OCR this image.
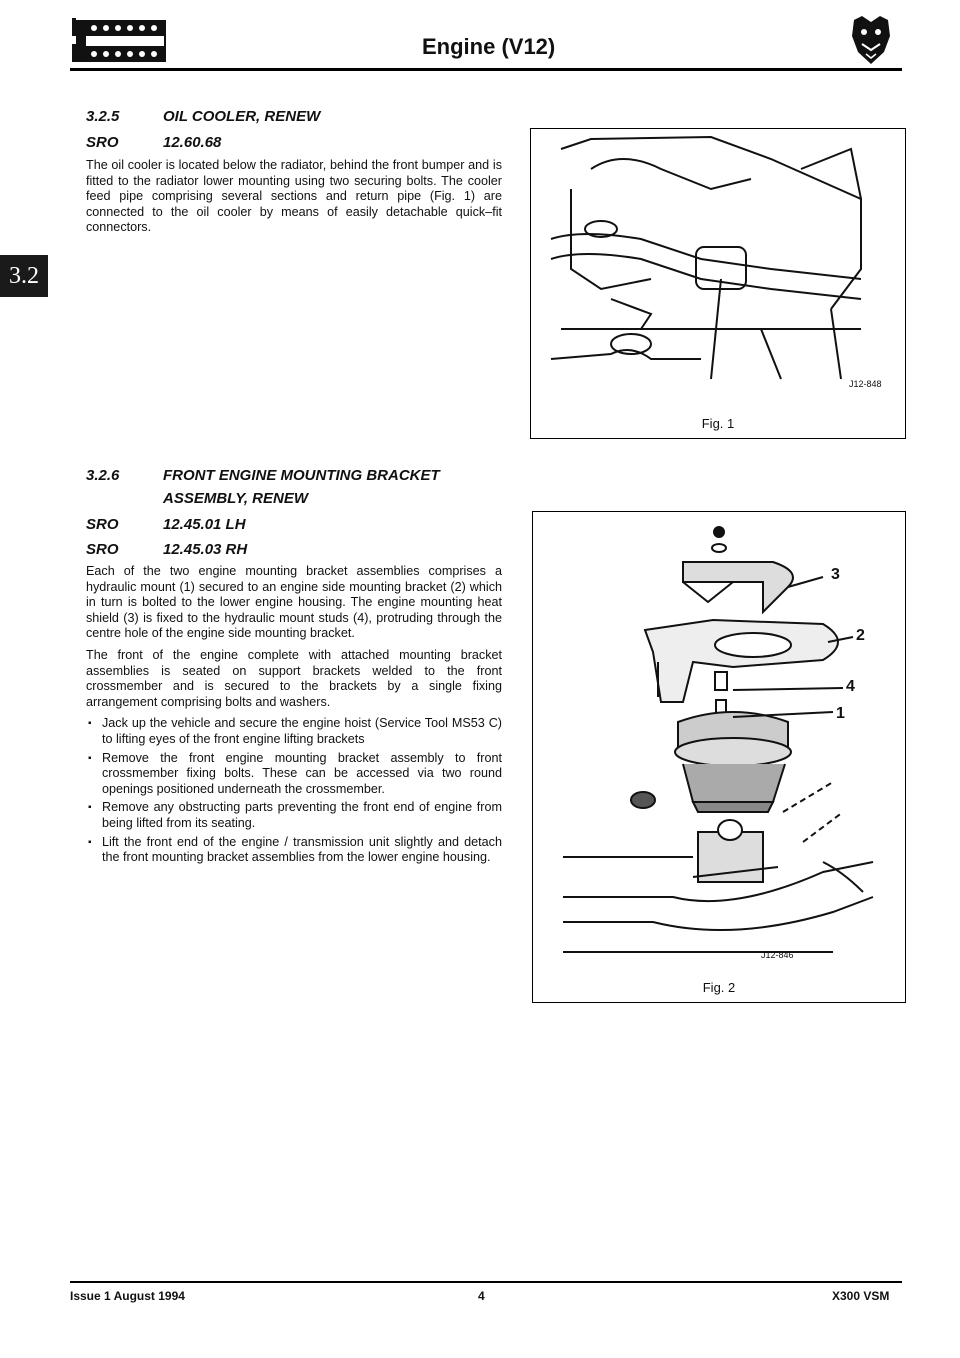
Engine (V12)
3.2
3.2.5	OIL COOLER, RENEW
SRO	12.60.68
The oil cooler is located below the radiator, behind the front bumper and is fitted to the radiator lower mounting using two securing bolts. The cooler feed pipe comprising several sections and return pipe (Fig. 1) are connected to the oil cooler by means of easily detachable quick–fit connectors.
J12-848
Fig. 1
3.2.6	FRONT ENGINE MOUNTING BRACKET
ASSEMBLY, RENEW
SRO	12.45.01 LH
SRO	12.45.03 RH

Each of the two engine mounting bracket assemblies comprises a hydraulic mount (1) secured to an engine side mounting bracket (2) which in turn is bolted to the lower engine housing. The engine mounting heat shield (3) is fixed to the hydraulic mount studs (4), protruding through the centre hole of the engine side mounting bracket.

The front of the engine complete with attached mounting bracket assemblies is seated on support brackets welded to the front crossmember and is secured to the brackets by a single fixing arrangement comprising bolts and washers.

▪ Jack up the vehicle and secure the engine hoist (Service Tool MS53 C) to lifting eyes of the front engine lifting brackets
▪ Remove the front engine mounting bracket assembly to front crossmember fixing bolts. These can be accessed via two round openings positioned underneath the crossmember.
▪ Remove any obstructing parts preventing the front end of engine from being lifted from its seating.
▪ Lift the front end of the engine / transmission unit slightly and detach the front mounting bracket assemblies from the lower engine housing.
3
2
4
1
J12-846
Fig. 2
Issue 1 August 1994	4	X300 VSM
